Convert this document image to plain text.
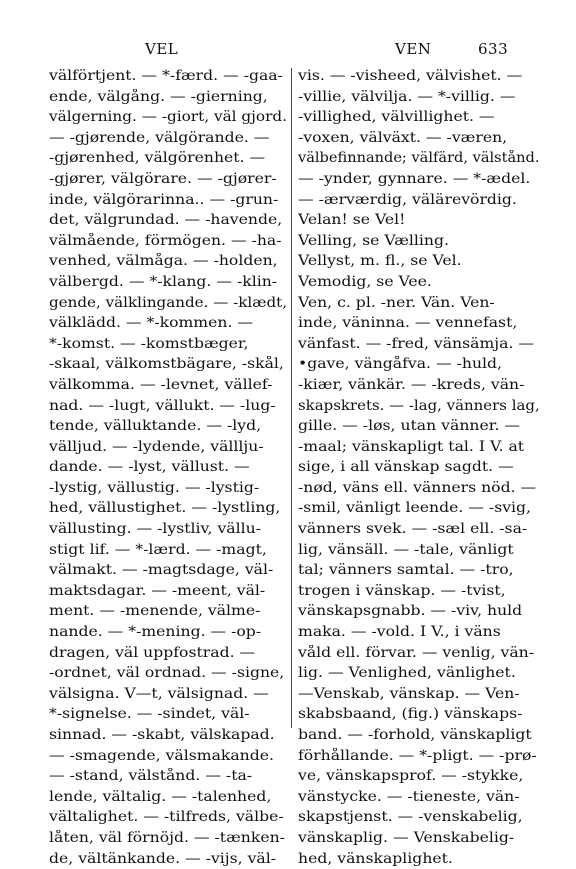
VEL	VEN	633
välförtjent. — *-færd. — -gaa-
ende, välgång. — -gierning,
välgerning. — -giort, väl gjord.
— -gjørende, välgörande. —
-gjørenhed, välgörenhet. —
-gjører, välgörare. — -gjører-
inde, välgörarinna.. — -grun-
det, välgrundad. — -havende,
välmående, förmögen. — -ha-
venhed, välmåga. — -holden,
välbergd. — *-klang. — -klin-
gende, välklingande. — -klædt,
välklädd. — *-kommen. —
*-komst. — -komstbæger,
-skaal, välkomstbägare, -skål,
välkomma. — -levnet, vällef-
nad. — -lugt, vällukt. — -lug-
tende, välluktande. — -lyd,
välljud. — -lydende, välllju-
dande. — -lyst, vällust. —
-lystig, vällustig. — -lystig-
hed, vällustighet. — -lystling,
vällusting. — -lystliv, vällu-
stigt lif. — *-lærd. — -magt,
välmakt. — -magtsdage, väl-
maktsdagar. — -meent, väl-
ment. — -menende, välme-
nande. — *-mening. — -op-
dragen, väl uppfostrad. —
-ordnet, väl ordnad. — -signe,
välsigna. V—t, välsignad. —
*-signelse. — -sindet, väl-
sinnad. — -skabt, välskapad.
— -smagende, välsmakande.
— -stand, välstånd. — -ta-
lende, vältalig. — -talenhed,
vältalighet. — -tilfreds, välbe-
låten, väl förnöjd. — -tænken-
de, vältänkande. — -vijs, väl-
vis. — -visheed, välvishet. —
-villie, välvilja. — *-villig. —
-villighed, välvillighet. —
-voxen, välväxt. — -væren,
välbefinnande; välfärd, välstånd.
— -ynder, gynnare. — *-ædel.
— -ærværdig, välärevördig.
Velan! se Vel!
Velling, se Vælling.
Vellyst, m. fl., se Vel.
Vemodig, se Vee.
Ven, c. pl. -ner. Vän. Ven-
inde, väninna. — vennefast,
vänfast. — -fred, vänsämja. —
•gave, vängåfva. — -huld,
-kiær, vänkär. — -kreds, vän-
skapskrets. — -lag, vänners lag,
gille. — -løs, utan vänner. —
-maal; vänskapligt tal. I V. at
sige, i all vänskap sagdt. —
-nød, väns ell. vänners nöd. —
-smil, vänligt leende. — -svig,
vänners svek. — -sæl ell. -sa-
lig, vänsäll. — -tale, vänligt
tal; vänners samtal. — -tro,
trogen i vänskap. — -tvist,
vänskapsgnabb. — -viv, huld
maka. — -vold. I V., i väns
våld ell. förvar. — venlig, vän-
lig. — Venlighed, vänlighet.
—Venskab, vänskap. — Ven-
skabsbaand, (fig.) vänskaps-
band. — -forhold, vänskapligt
förhållande. — *-pligt. — -prø-
ve, vänskapsprof. — -stykke,
vänstycke. — -tieneste, vän-
skapstjenst. — -venskabelig,
vänskaplig. — Venskabelig-
hed, vänskaplighet.
